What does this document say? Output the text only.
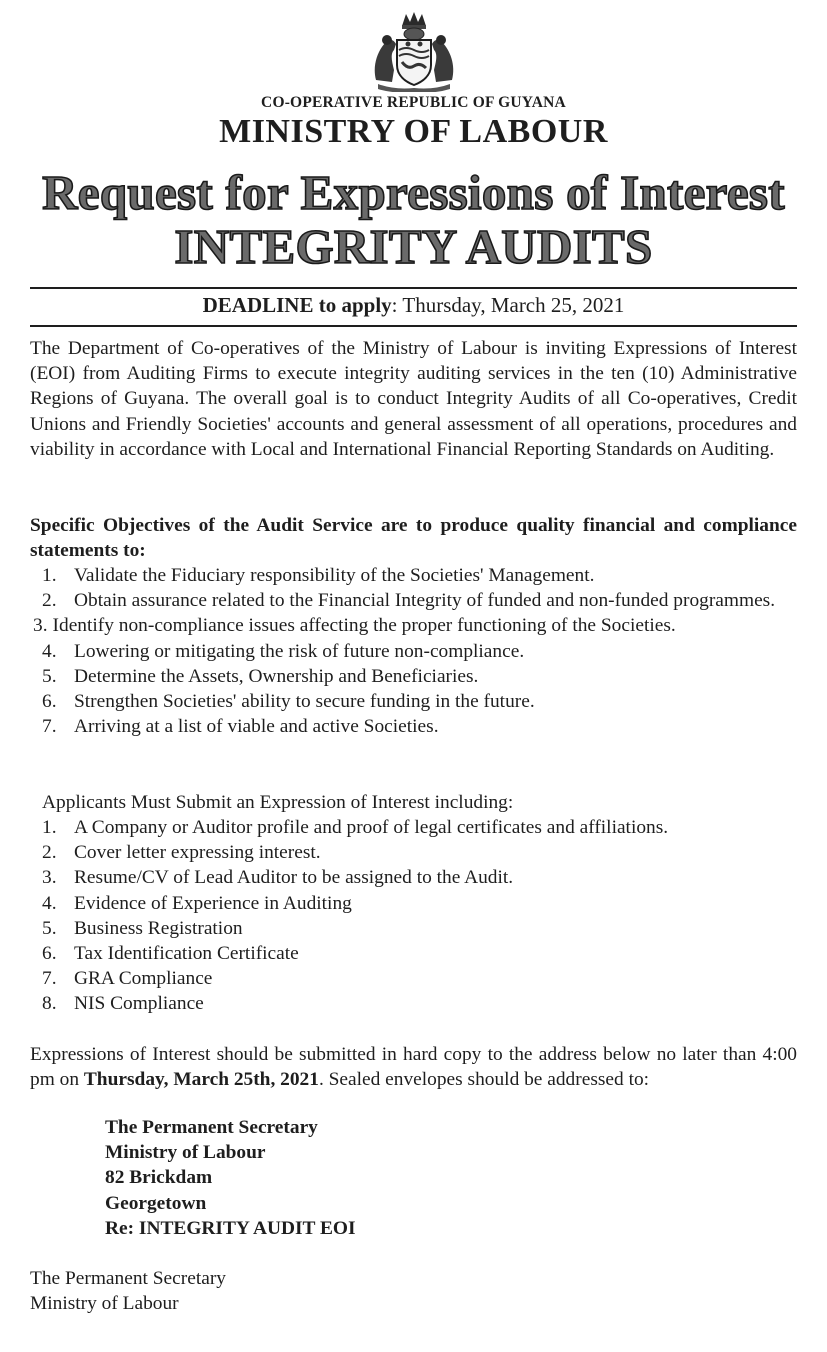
CO-OPERATIVE REPUBLIC OF GUYANA
MINISTRY OF LABOUR
Request for Expressions of Interest
INTEGRITY AUDITS
DEADLINE to apply: Thursday, March 25, 2021
The Department of Co-operatives of the Ministry of Labour is inviting Expressions of Interest (EOI) from Auditing Firms to execute integrity auditing services in the ten (10) Administrative Regions of Guyana. The overall goal is to conduct Integrity Audits of all Co-operatives, Credit Unions and Friendly Societies' accounts and general assessment of all operations, procedures and viability in accordance with Local and International Financial Reporting Standards on Auditing.
Specific Objectives of the Audit Service are to produce quality financial and compliance statements to:
1. Validate the Fiduciary responsibility of the Societies' Management.
2. Obtain assurance related to the Financial Integrity of funded and non-funded programmes.
3. Identify non-compliance issues affecting the proper functioning of the Societies.
4. Lowering or mitigating the risk of future non-compliance.
5. Determine the Assets, Ownership and Beneficiaries.
6. Strengthen Societies' ability to secure funding in the future.
7. Arriving at a list of viable and active Societies.
Applicants Must Submit an Expression of Interest including:
1. A Company or Auditor profile and proof of legal certificates and affiliations.
2. Cover letter expressing interest.
3. Resume/CV of Lead Auditor to be assigned to the Audit.
4. Evidence of Experience in Auditing
5. Business Registration
6. Tax Identification Certificate
7. GRA Compliance
8. NIS Compliance
Expressions of Interest should be submitted in hard copy to the address below no later than 4:00 pm on Thursday, March 25th, 2021. Sealed envelopes should be addressed to:
The Permanent Secretary
Ministry of Labour
82 Brickdam
Georgetown
Re: INTEGRITY AUDIT EOI
The Permanent Secretary
Ministry of Labour
